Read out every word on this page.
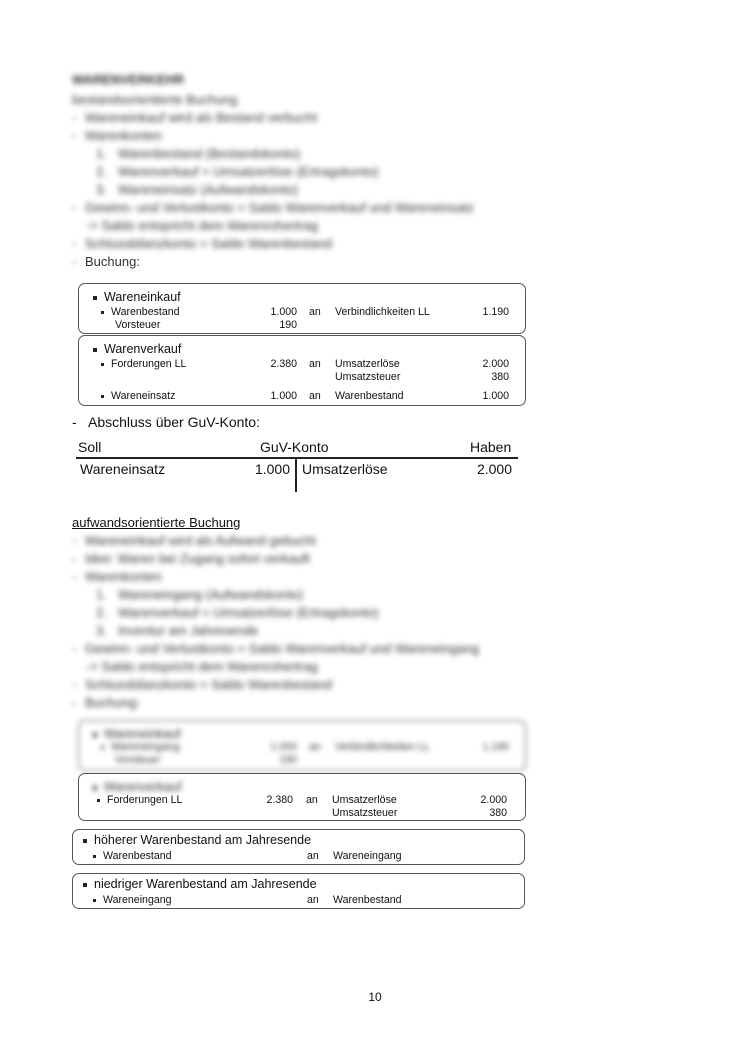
WARENVERKEHR
bestandsorientierte Buchung
- Wareneinkauf wird als Bestand verbucht
- Warenkonten
1. Warenbestand (Bestandskonto)
2. Warenverkauf = Umsatzerlöse (Ertragskonto)
3. Wareneinsatz (Aufwandskonto)
- Gewinn- und Verlustkonto = Saldo Warenverkauf und Wareneinsatz
-> Saldo entspricht dem Warenrohertrag
- Schlussbilanzkonto = Saldo Warenbestand
- Buchung:
Wareneinkauf
Warenbestand	1.000 an Verbindlichkeiten LL	1.190
Vorsteuer	190
Warenverkauf
Forderungen LL	2.380 an Umsatzerlöse	2.000
Umsatzsteuer	380
Wareneinsatz	1.000 an Warenbestand	1.000
- Abschluss über GuV-Konto:
Soll	GuV-Konto	Haben
Wareneinsatz	1.000 Umsatzerlöse	2.000
aufwandsorientierte Buchung
- Wareneinkauf wird als Aufwand gebucht
- Idee: Waren bei Zugang sofort verkauft
- Warenkonten
1. Wareneingang (Aufwandskonto)
2. Warenverkauf = Umsatzerlöse (Ertragskonto)
3. Inventur am Jahresende
- Gewinn- und Verlustkonto = Saldo Warenverkauf und Wareneingang
-> Saldo entspricht dem Warenrohertrag
- Schlussbilanzkonto = Saldo Warenbestand
- Buchung:
Wareneinkauf
Wareneingang	1.000 an Verbindlichkeiten LL	1.190
Vorsteuer	190
Warenverkauf
Forderungen LL	2.380 an Umsatzerlöse	2.000
Umsatzsteuer	380
höherer Warenbestand am Jahresende
Warenbestand	an Wareneingang
niedriger Warenbestand am Jahresende
Wareneingang	an Warenbestand
10
